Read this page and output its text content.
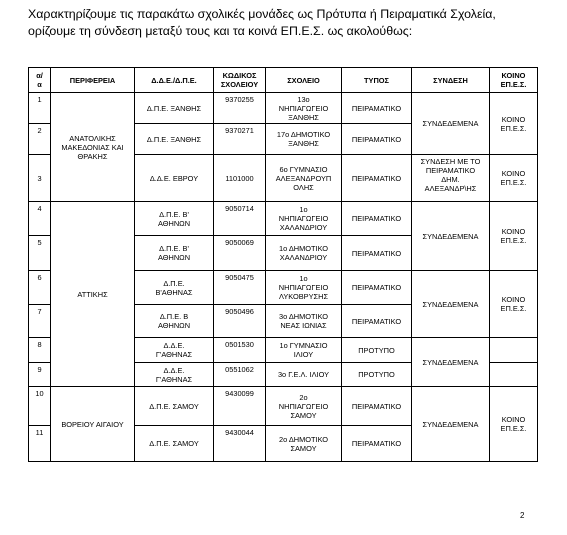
Χαρακτηρίζουμε τις παρακάτω σχολικές μονάδες ως Πρότυπα ή Πειραματικά Σχολεία,

ορίζουμε τη σύνδεση μεταξύ τους και τα κοινά ΕΠ.Ε.Σ. ως ακολούθως:

α/
α	ΠΕΡΙΦΕΡΕΙΑ	Δ.Δ.Ε./Δ.Π.Ε.	ΚΩΔΙΚΟΣ
ΣΧΟΛΕΙΟΥ	ΣΧΟΛΕΙΟ	ΤΥΠΟΣ	ΣΥΝΔΕΣΗ	ΚΟΙΝΟ
ΕΠ.Ε.Σ.
1	ΑΝΑΤΟΛΙΚΗΣ
ΜΑΚΕΔΟΝΙΑΣ ΚΑΙ
ΘΡΑΚΗΣ	Δ.Π.Ε. ΞΑΝΘΗΣ	9370255	13ο
ΝΗΠΙΑΓΩΓΕΙΟ
ΞΑΝΘΗΣ	ΠΕΙΡΑΜΑΤΙΚΟ	ΣΥΝΔΕΔΕΜΕΝΑ	ΚΟΙΝΟ
ΕΠ.Ε.Σ.
2		Δ.Π.Ε. ΞΑΝΘΗΣ	9370271	17ο ΔΗΜΟΤΙΚΟ
ΞΑΝΘΗΣ	ΠΕΙΡΑΜΑΤΙΚΟ		
3		Δ.Δ.Ε. ΕΒΡΟΥ	1101000	6ο ΓΥΜΝΑΣΙΟ
ΑΛΕΞΑΝΔΡΟΥΠ
ΟΛΗΣ	ΠΕΙΡΑΜΑΤΙΚΟ	ΣΥΝΔΕΣΗ ΜΕ ΤΟ
ΠΕΙΡΑΜΑΤΙΚΟ
ΔΗΜ.
ΑΛΕΞΑΝΔΡ\ΗΣ	ΚΟΙΝΟ
ΕΠ.Ε.Σ.
4	ΑΤΤΙΚΗΣ	Δ.Π.Ε. Β'
ΑΘΗΝΩΝ	9050714	1ο
ΝΗΠΙΑΓΩΓΕΙΟ
ΧΑΛΑΝΔΡΙΟΥ	ΠΕΙΡΑΜΑΤΙΚΟ	ΣΥΝΔΕΔΕΜΕΝΑ	ΚΟΙΝΟ
ΕΠ.Ε.Σ.
5		Δ.Π.Ε. Β'
ΑΘΗΝΩΝ	9050069	1ο ΔΗΜΟΤΙΚΟ
ΧΑΛΑΝΔΡΙΟΥ	ΠΕΙΡΑΜΑΤΙΚΟ		
6		Δ.Π.Ε.
Β'ΑΘΗΝΑΣ	9050475	1ο
ΝΗΠΙΑΓΩΓΕΙΟ
ΛΥΚΟΒΡΥΣΗΣ	ΠΕΙΡΑΜΑΤΙΚΟ	ΣΥΝΔΕΔΕΜΕΝΑ	ΚΟΙΝΟ
ΕΠ.Ε.Σ.
7		Δ.Π.Ε. Β
ΑΘΗΝΩΝ	9050496	3ο ΔΗΜΟΤΙΚΟ
ΝΕΑΣ ΙΩΝΙΑΣ	ΠΕΙΡΑΜΑΤΙΚΟ		
8		Δ.Δ.Ε.
Γ'ΑΘΗΝΑΣ	0501530	1ο ΓΥΜΝΑΣΙΟ
ΙΛΙΟΥ	ΠΡΟΤΥΠΟ	ΣΥΝΔΕΔΕΜΕΝΑ	
9		Δ.Δ.Ε.
Γ'ΑΘΗΝΑΣ	0551062	3ο Γ.Ε.Λ. ΙΛΙΟΥ	ΠΡΟΤΥΠΟ		
10	ΒΟΡΕΙΟΥ ΑΙΓΑΙΟΥ	Δ.Π.Ε. ΣΑΜΟΥ	9430099	2ο
ΝΗΠΙΑΓΩΓΕΙΟ
ΣΑΜΟΥ	ΠΕΙΡΑΜΑΤΙΚΟ	ΣΥΝΔΕΔΕΜΕΝΑ	ΚΟΙΝΟ
ΕΠ.Ε.Σ.
11		Δ.Π.Ε. ΣΑΜΟΥ	9430044	2ο ΔΗΜΟΤΙΚΟ
ΣΑΜΟΥ	ΠΕΙΡΑΜΑΤΙΚΟ		
2
